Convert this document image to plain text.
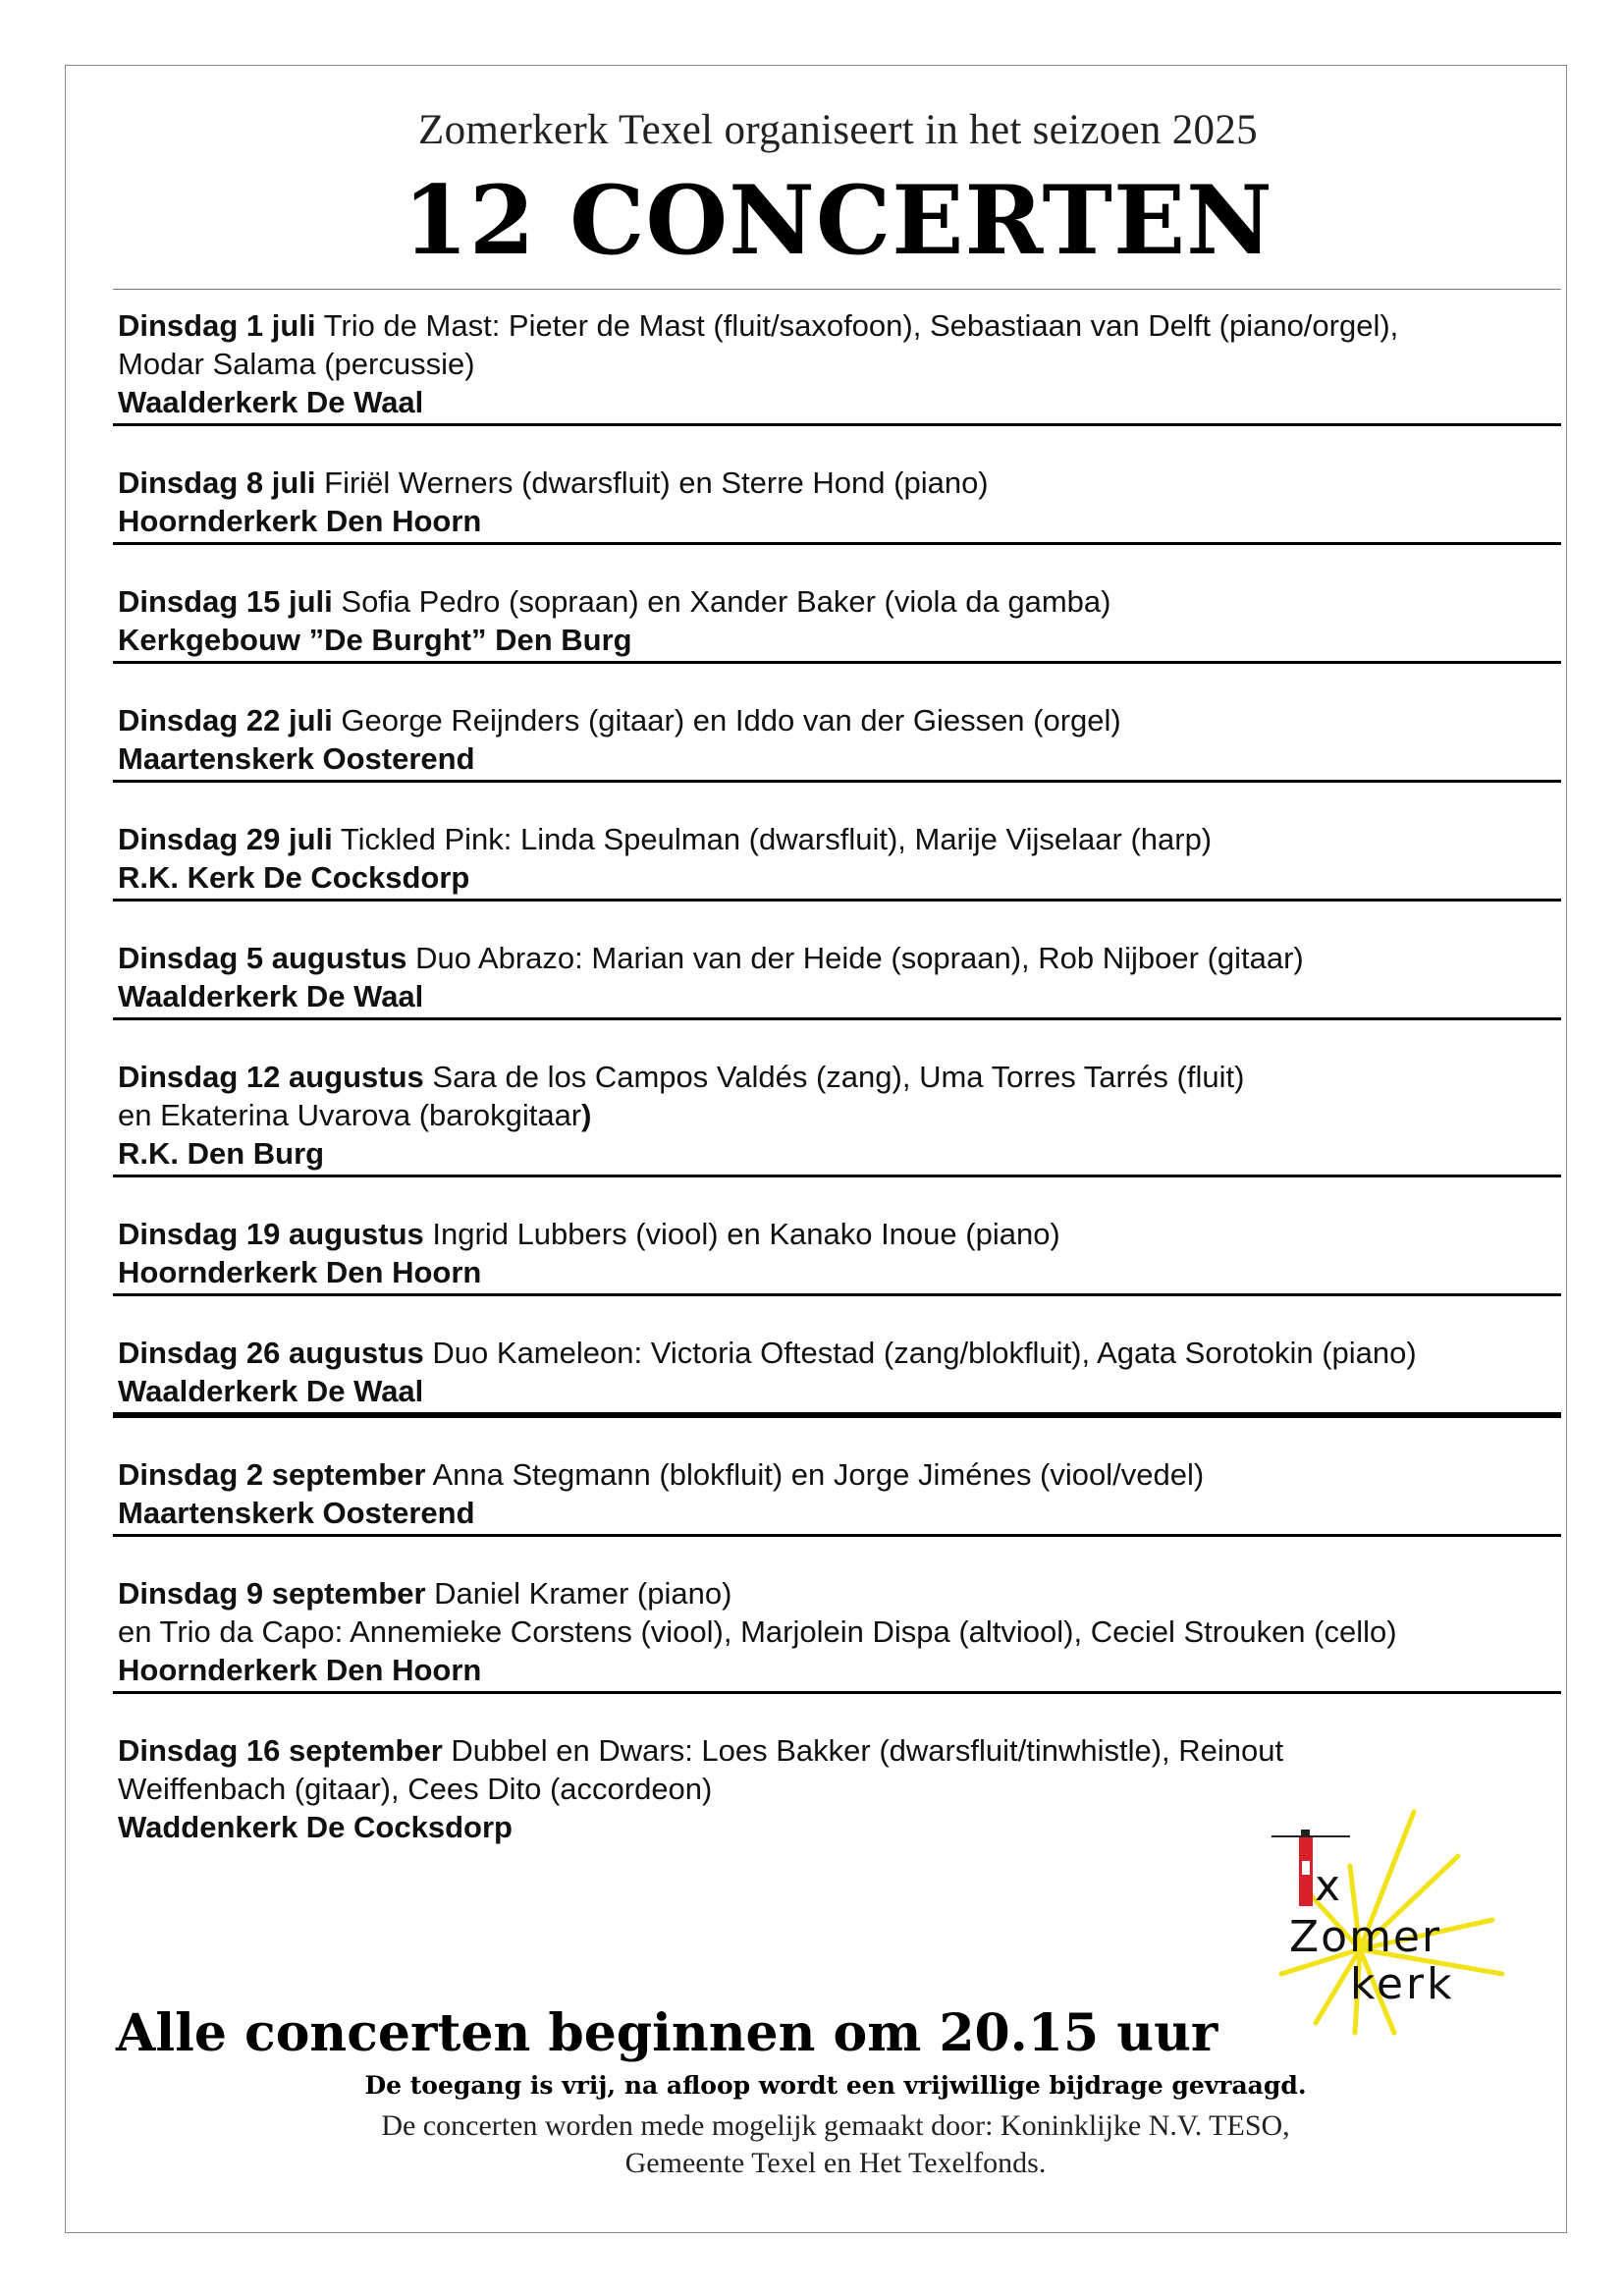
Zomerkerk Texel organiseert in het seizoen 2025
12 CONCERTEN
Dinsdag 1 juli Trio de Mast: Pieter de Mast (fluit/saxofoon), Sebastiaan van Delft (piano/orgel),
Modar Salama (percussie)
Waalderkerk De Waal
Dinsdag 8 juli Firiël Werners (dwarsfluit) en Sterre Hond (piano)
Hoornderkerk Den Hoorn
Dinsdag 15 juli Sofia Pedro (sopraan) en Xander Baker (viola da gamba)
Kerkgebouw ”De Burght” Den Burg
Dinsdag 22 juli George Reijnders (gitaar) en Iddo van der Giessen (orgel)
Maartenskerk Oosterend
Dinsdag 29 juli Tickled Pink: Linda Speulman (dwarsfluit), Marije Vijselaar (harp)
R.K. Kerk De Cocksdorp
Dinsdag 5 augustus Duo Abrazo: Marian van der Heide (sopraan), Rob Nijboer (gitaar)
Waalderkerk De Waal
Dinsdag 12 augustus Sara de los Campos Valdés (zang), Uma Torres Tarrés (fluit)
en Ekaterina Uvarova (barokgitaar)
R.K. Den Burg
Dinsdag 19 augustus Ingrid Lubbers (viool) en Kanako Inoue (piano)
Hoornderkerk Den Hoorn
Dinsdag 26 augustus Duo Kameleon: Victoria Oftestad (zang/blokfluit), Agata Sorotokin (piano)
Waalderkerk De Waal
Dinsdag 2 september Anna Stegmann (blokfluit) en Jorge Jiménes (viool/vedel)
Maartenskerk Oosterend
Dinsdag 9 september Daniel Kramer (piano)
en Trio da Capo: Annemieke Corstens (viool), Marjolein Dispa (altviool), Ceciel Strouken (cello)
Hoornderkerk Den Hoorn
Dinsdag 16 september Dubbel en Dwars: Loes Bakker (dwarsfluit/tinwhistle), Reinout
Weiffenbach (gitaar), Cees Dito (accordeon)
Waddenkerk De Cocksdorp
x
Zomer
kerk
Alle concerten beginnen om 20.15 uur
De toegang is vrij, na afloop wordt een vrijwillige bijdrage gevraagd.
De concerten worden mede mogelijk gemaakt door: Koninklijke N.V. TESO,
Gemeente Texel en Het Texelfonds.
